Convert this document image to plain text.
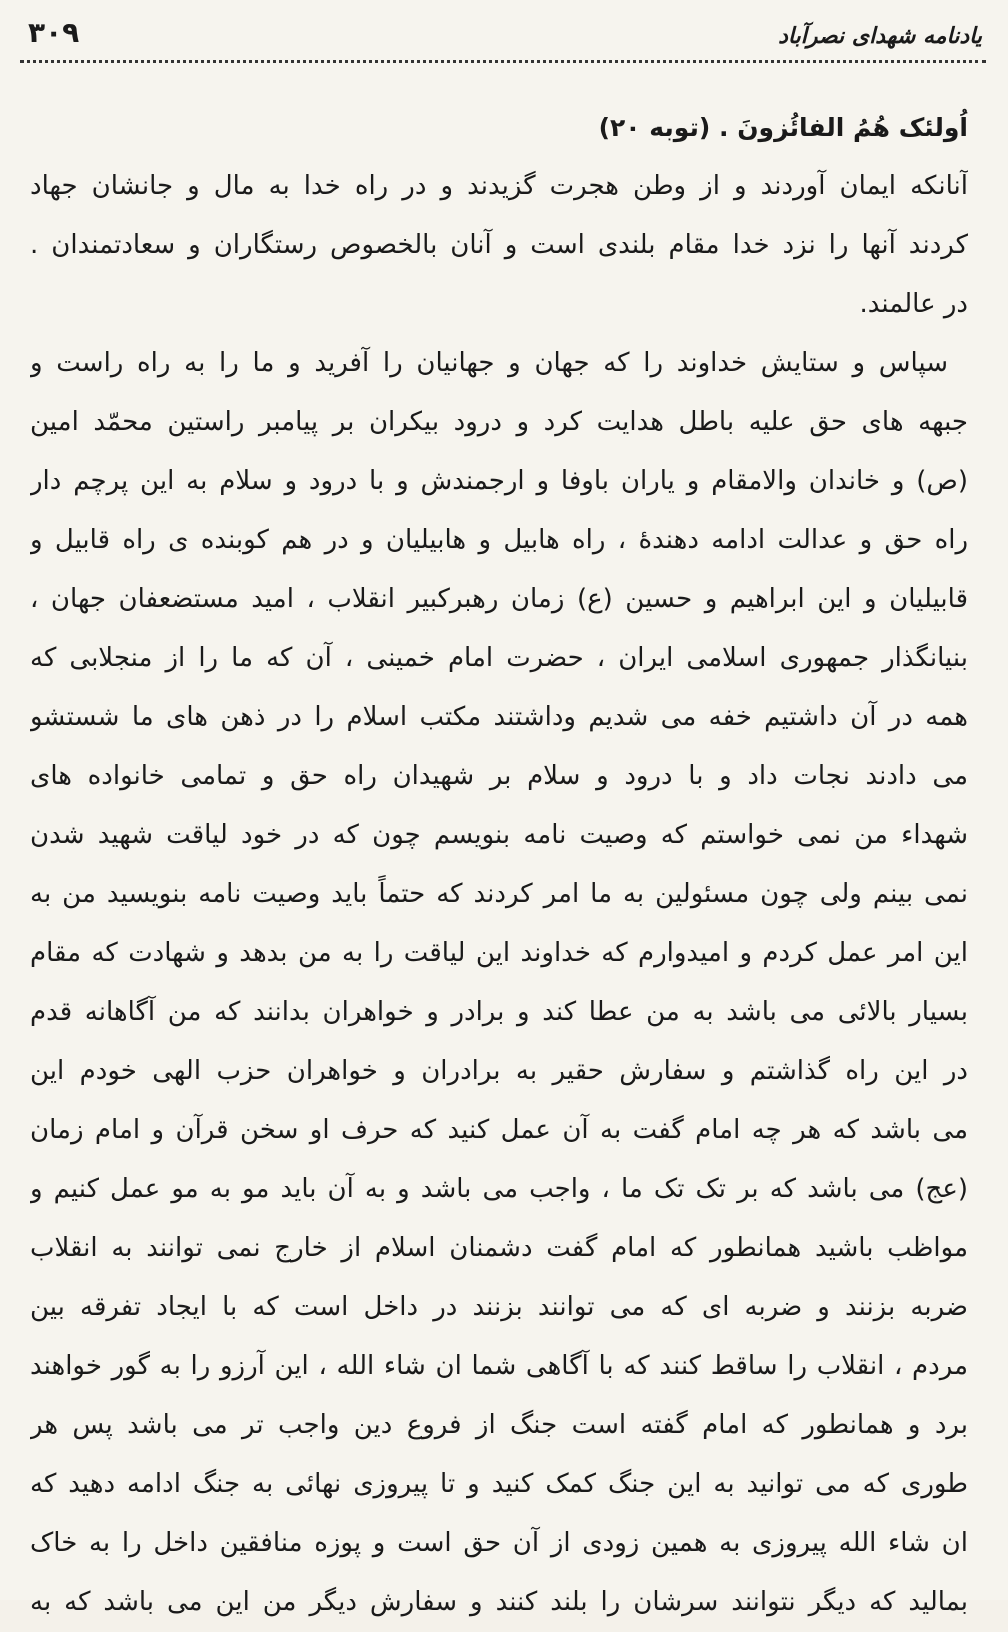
۳۰۹	یادنامه شهدای نصرآباد
اُولئک هُمُ الفائُزونَ . (توبه ۲۰)
آنانکه ایمان آوردند و از وطن هجرت گزیدند و در راه خدا به مال و جانشان جهاد
کردند آنها را نزد خدا مقام بلندی است و آنان بالخصوص رستگاران و سعادتمندان .
در عالمند.
سپاس و ستایش خداوند را که جهان و جهانیان را آفرید و ما را به راه راست و
جبهه های حق علیه باطل هدایت کرد و درود بیکران بر پیامبر راستین محمّد امین
(ص) و خاندان والامقام و یاران باوفا و ارجمندش و با درود و سلام به این پرچم دار
راه حق و عدالت ادامه دهندهٔ ، راه هابیل و هابیلیان و در هم کوبنده ی راه قابیل و
قابیلیان و این ابراهیم و حسین (ع) زمان رهبرکبیر انقلاب ، امید مستضعفان جهان ،
بنیانگذار جمهوری اسلامی ایران ، حضرت امام خمینی ، آن که ما را از منجلابی که
همه در آن داشتیم خفه می شدیم وداشتند مکتب اسلام را در ذهن های ما شستشو
می دادند نجات داد و با درود و سلام بر شهیدان راه حق و تمامی خانواده های
شهداء من نمی خواستم که وصیت نامه بنویسم چون که در خود لیاقت شهید شدن
نمی بینم ولی چون مسئولین به ما امر کردند که حتماً باید وصیت نامه بنویسید من به
این امر عمل کردم و امیدوارم که خداوند این لیاقت را به من بدهد و شهادت که مقام
بسیار بالائی می باشد به من عطا کند و برادر و خواهران بدانند که من آگاهانه قدم
در این راه گذاشتم و سفارش حقیر به برادران و خواهران حزب الهی خودم این
می باشد که هر چه امام گفت به آن عمل کنید که حرف او سخن قرآن و امام زمان
(عج) می باشد که بر تک تک ما ، واجب می باشد و به آن باید مو به مو عمل کنیم و
مواظب باشید همانطور که امام گفت دشمنان اسلام از خارج نمی توانند به انقلاب
ضربه بزنند و ضربه ای که می توانند بزنند در داخل است که با ایجاد تفرقه بین
مردم ، انقلاب را ساقط کنند که با آگاهی شما ان شاء الله ، این آرزو را به گور خواهند
برد و همانطور که امام گفته است جنگ از فروع دین واجب تر می باشد پس هر
طوری که می توانید به این جنگ کمک کنید و تا پیروزی نهائی به جنگ ادامه دهید که
ان شاء الله پیروزی به همین زودی از آن حق است و پوزه منافقین داخل را به خاک
بمالید که دیگر نتوانند سرشان را بلند کنند و سفارش دیگر من این می باشد که به
